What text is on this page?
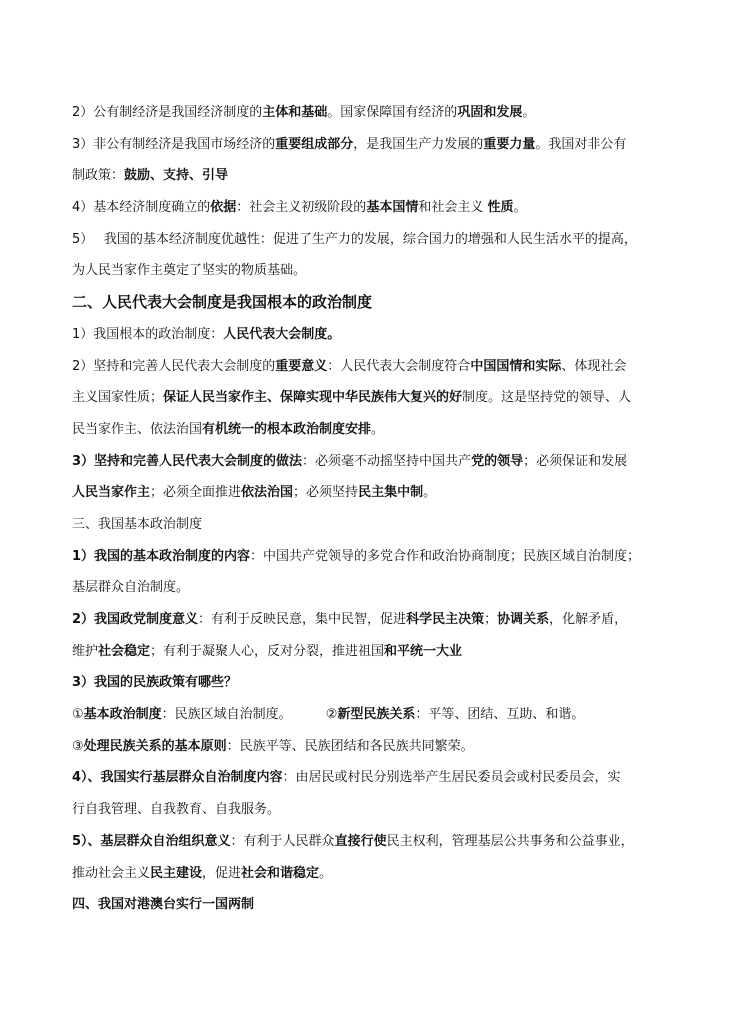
2）公有制经济是我国经济制度的主体和基础。国家保障国有经济的巩固和发展。
3）非公有制经济是我国市场经济的重要组成部分，是我国生产力发展的重要力量。我国对非公有
制政策：鼓励、支持、引导
4）基本经济制度确立的依据：社会主义初级阶段的基本国情和社会主义 性质。
5）　 我国的基本经济制度优越性：促进了生产力的发展，综合国力的增强和人民生活水平的提高，
为人民当家作主奠定了坚实的物质基础。
二、人民代表大会制度是我国根本的政治制度
1）我国根本的政治制度：人民代表大会制度。
2）坚持和完善人民代表大会制度的重要意义：人民代表大会制度符合中国国情和实际、体现社会
主义国家性质；保证人民当家作主、保障实现中华民族伟大复兴的好制度。这是坚持党的领导、人
民当家作主、依法治国有机统一的根本政治制度安排。
3）坚持和完善人民代表大会制度的做法：必须毫不动摇坚持中国共产党的领导；必须保证和发展
人民当家作主；必须全面推进依法治国；必须坚持民主集中制。
三、我国基本政治制度
1）我国的基本政治制度的内容：中国共产党领导的多党合作和政治协商制度；民族区域自治制度；
基层群众自治制度。
2）我国政党制度意义：有利于反映民意，集中民智，促进科学民主决策；协调关系，化解矛盾，
维护社会稳定；有利于凝聚人心，反对分裂，推进祖国和平统一大业
3）我国的民族政策有哪些？
①基本政治制度：民族区域自治制度。	②新型民族关系：平等、团结、互助、和谐。
③处理民族关系的基本原则：民族平等、民族团结和各民族共同繁荣。
4）、我国实行基层群众自治制度内容：由居民或村民分别选举产生居民委员会或村民委员会，实
行自我管理、自我教育、自我服务。
5）、基层群众自治组织意义：有利于人民群众直接行使民主权利，管理基层公共事务和公益事业，
推动社会主义民主建设，促进社会和谐稳定。
四、我国对港澳台实行一国两制
